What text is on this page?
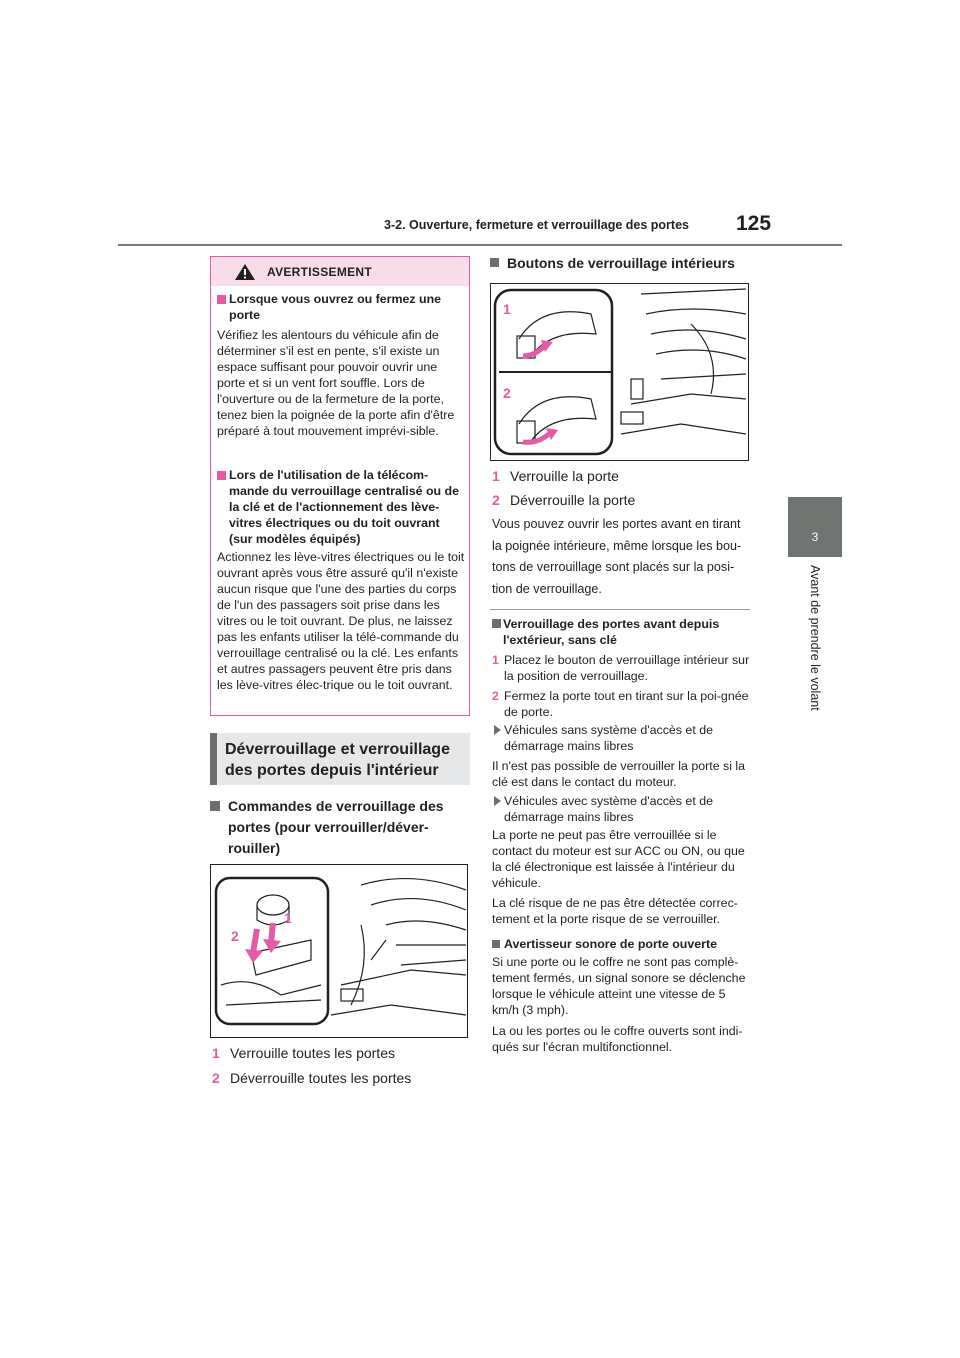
3-2. Ouverture, fermeture et verrouillage des portes 125
3
Avant de prendre le volant
AVERTISSEMENT
Lorsque vous ouvrez ou fermez une porte
Vérifiez les alentours du véhicule afin de déterminer s'il est en pente, s'il existe un espace suffisant pour pouvoir ouvrir une porte et si un vent fort souffle. Lors de l'ouverture ou de la fermeture de la porte, tenez bien la poignée de la porte afin d'être préparé à tout mouvement imprévi-sible.
Lors de l'utilisation de la télécom-mande du verrouillage centralisé ou de la clé et de l'actionnement des lève-vitres électriques ou du toit ouvrant (sur modèles équipés)
Actionnez les lève-vitres électriques ou le toit ouvrant après vous être assuré qu'il n'existe aucun risque que l'une des parties du corps de l'un des passagers soit prise dans les vitres ou le toit ouvrant. De plus, ne laissez pas les enfants utiliser la télé-commande du verrouillage centralisé ou la clé. Les enfants et autres passagers peuvent être pris dans les lève-vitres élec-trique ou le toit ouvrant.
Déverrouillage et verrouillage
des portes depuis l'intérieur
Commandes de verrouillage des portes (pour verrouiller/déver-rouiller)
1
2
1 Verrouille toutes les portes
2 Déverrouille toutes les portes
Boutons de verrouillage intérieurs
1
2
1 Verrouille la porte
2 Déverrouille la porte
Vous pouvez ouvrir les portes avant en tirant la poignée intérieure, même lorsque les bou-tons de verrouillage sont placés sur la posi-tion de verrouillage.
Verrouillage des portes avant depuis l'extérieur, sans clé
1 Placez le bouton de verrouillage intérieur sur la position de verrouillage.
2 Fermez la porte tout en tirant sur la poi-gnée de porte.
Véhicules sans système d'accès et de démarrage mains libres
Il n'est pas possible de verrouiller la porte si la clé est dans le contact du moteur.
Véhicules avec système d'accès et de démarrage mains libres
La porte ne peut pas être verrouillée si le contact du moteur est sur ACC ou ON, ou que la clé électronique est laissée à l'intérieur du véhicule.
La clé risque de ne pas être détectée correc-tement et la porte risque de se verrouiller.
Avertisseur sonore de porte ouverte
Si une porte ou le coffre ne sont pas complè-tement fermés, un signal sonore se déclenche lorsque le véhicule atteint une vitesse de 5 km/h (3 mph).
La ou les portes ou le coffre ouverts sont indi-qués sur l'écran multifonctionnel.
